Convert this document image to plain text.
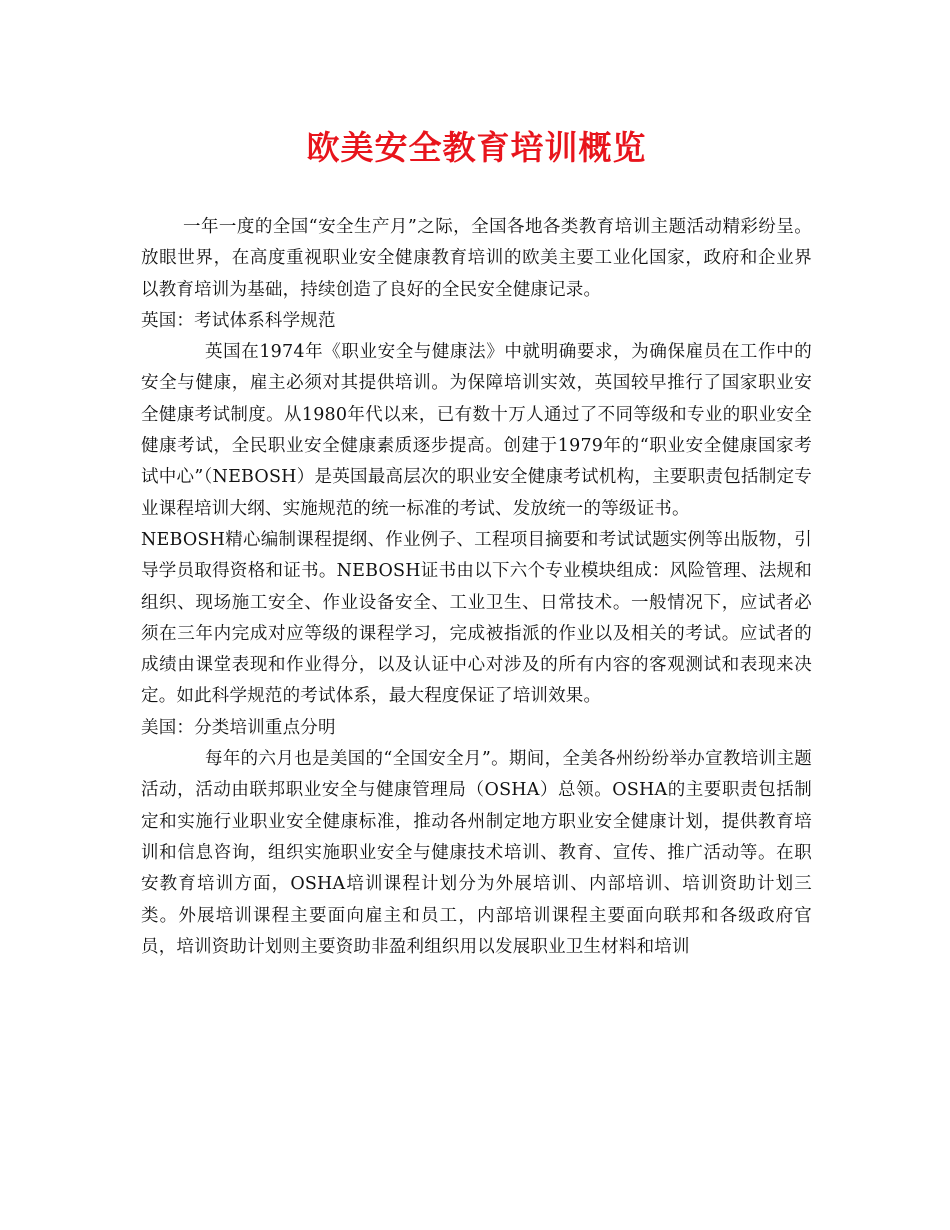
欧美安全教育培训概览

一年一度的全国“安全生产月”之际，全国各地各类教育培训主题活动精彩纷呈。放眼世界，在高度重视职业安全健康教育培训的欧美主要工业化国家，政府和企业界以教育培训为基础，持续创造了良好的全民安全健康记录。

英国：考试体系科学规范

英国在1974年《职业安全与健康法》中就明确要求，为确保雇员在工作中的安全与健康，雇主必须对其提供培训。为保障培训实效，英国较早推行了国家职业安全健康考试制度。从1980年代以来，已有数十万人通过了不同等级和专业的职业安全健康考试，全民职业安全健康素质逐步提高。创建于1979年的“职业安全健康国家考试中心”（NEBOSH）是英国最高层次的职业安全健康考试机构，主要职责包括制定专业课程培训大纲、实施规范的统一标准的考试、发放统一的等级证书。

NEBOSH精心编制课程提纲、作业例子、工程项目摘要和考试试题实例等出版物，引导学员取得资格和证书。NEBOSH证书由以下六个专业模块组成：风险管理、法规和组织、现场施工安全、作业设备安全、工业卫生、日常技术。一般情况下，应试者必须在三年内完成对应等级的课程学习，完成被指派的作业以及相关的考试。应试者的成绩由课堂表现和作业得分，以及认证中心对涉及的所有内容的客观测试和表现来决定。如此科学规范的考试体系，最大程度保证了培训效果。

美国：分类培训重点分明

每年的六月也是美国的“全国安全月”。期间，全美各州纷纷举办宣教培训主题活动，活动由联邦职业安全与健康管理局（OSHA）总领。OSHA的主要职责包括制定和实施行业职业安全健康标准，推动各州制定地方职业安全健康计划，提供教育培训和信息咨询，组织实施职业安全与健康技术培训、教育、宣传、推广活动等。在职安教育培训方面，OSHA培训课程计划分为外展培训、内部培训、培训资助计划三类。外展培训课程主要面向雇主和员工，内部培训课程主要面向联邦和各级政府官员，培训资助计划则主要资助非盈利组织用以发展职业卫生材料和培训
